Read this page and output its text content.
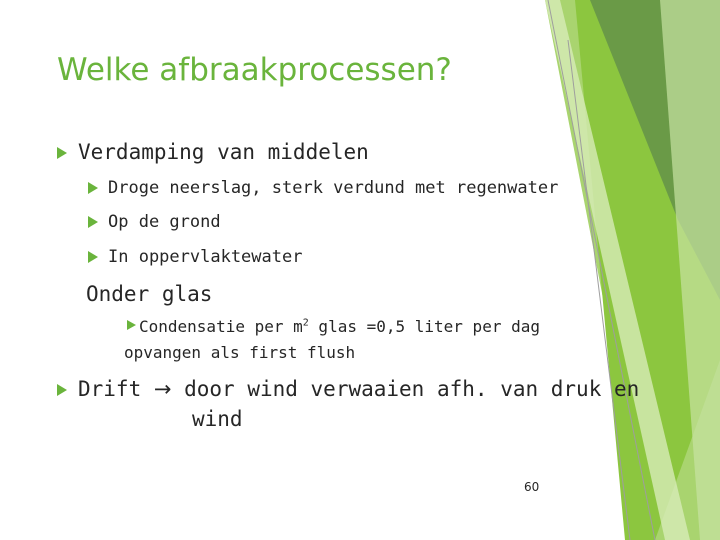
Welke afbraakprocessen?
Verdamping van middelen
Droge neerslag, sterk verdund met regenwater
Op de grond
In oppervlaktewater
Onder glas
Condensatie per $m^2$ glas =0,5 liter per dag
opvangen als first flush
Drift → door wind verwaaien afh. van druk en
wind
60
